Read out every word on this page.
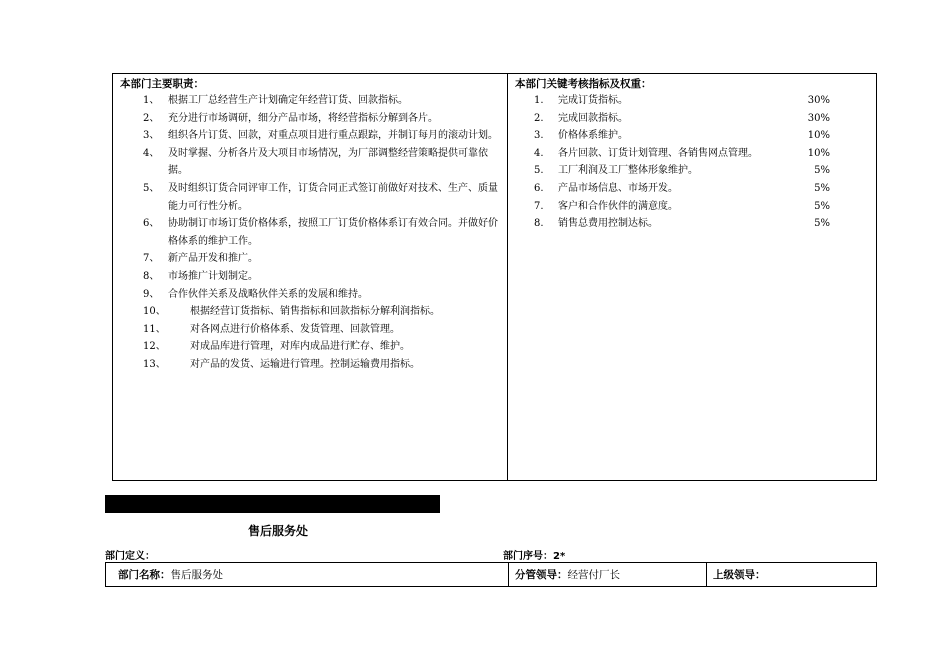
本部门主要职责：
1、 根据工厂总经营生产计划确定年经营订货、回款指标。
2、 充分进行市场调研，细分产品市场，将经营指标分解到各片。
3、 组织各片订货、回款，对重点项目进行重点跟踪，并制订每月的滚动计划。
4、 及时掌握、分析各片及大项目市场情况，为厂部调整经营策略提供可靠依据。
5、 及时组织订货合同评审工作，订货合同正式签订前做好对技术、生产、质量能力可行性分析。
6、 协助制订市场订货价格体系，按照工厂订货价格体系订有效合同。并做好价格体系的维护工作。
7、 新产品开发和推广。
8、 市场推广计划制定。
9、 合作伙伴关系及战略伙伴关系的发展和维持。
10、	根据经营订货指标、销售指标和回款指标分解利润指标。
11、	对各网点进行价格体系、发货管理、回款管理。
12、	对成品库进行管理，对库内成品进行贮存、维护。
13、	对产品的发货、运输进行管理。控制运输费用指标。
本部门关键考核指标及权重：
1.	完成订货指标。	30%
2.	完成回款指标。	30%
3.	价格体系维护。	10%
4.	各片回款、订货计划管理、各销售网点管理。	10%
5.	工厂利润及工厂整体形象维护。	5%
6.	产品市场信息、市场开发。	5%
7.	客户和合作伙伴的满意度。	5%
8.	销售总费用控制达标。	5%
售后服务处
部门定义：	部门序号：2*
部门名称： 售后服务处	分管领导： 经营付厂长	上级领导：
